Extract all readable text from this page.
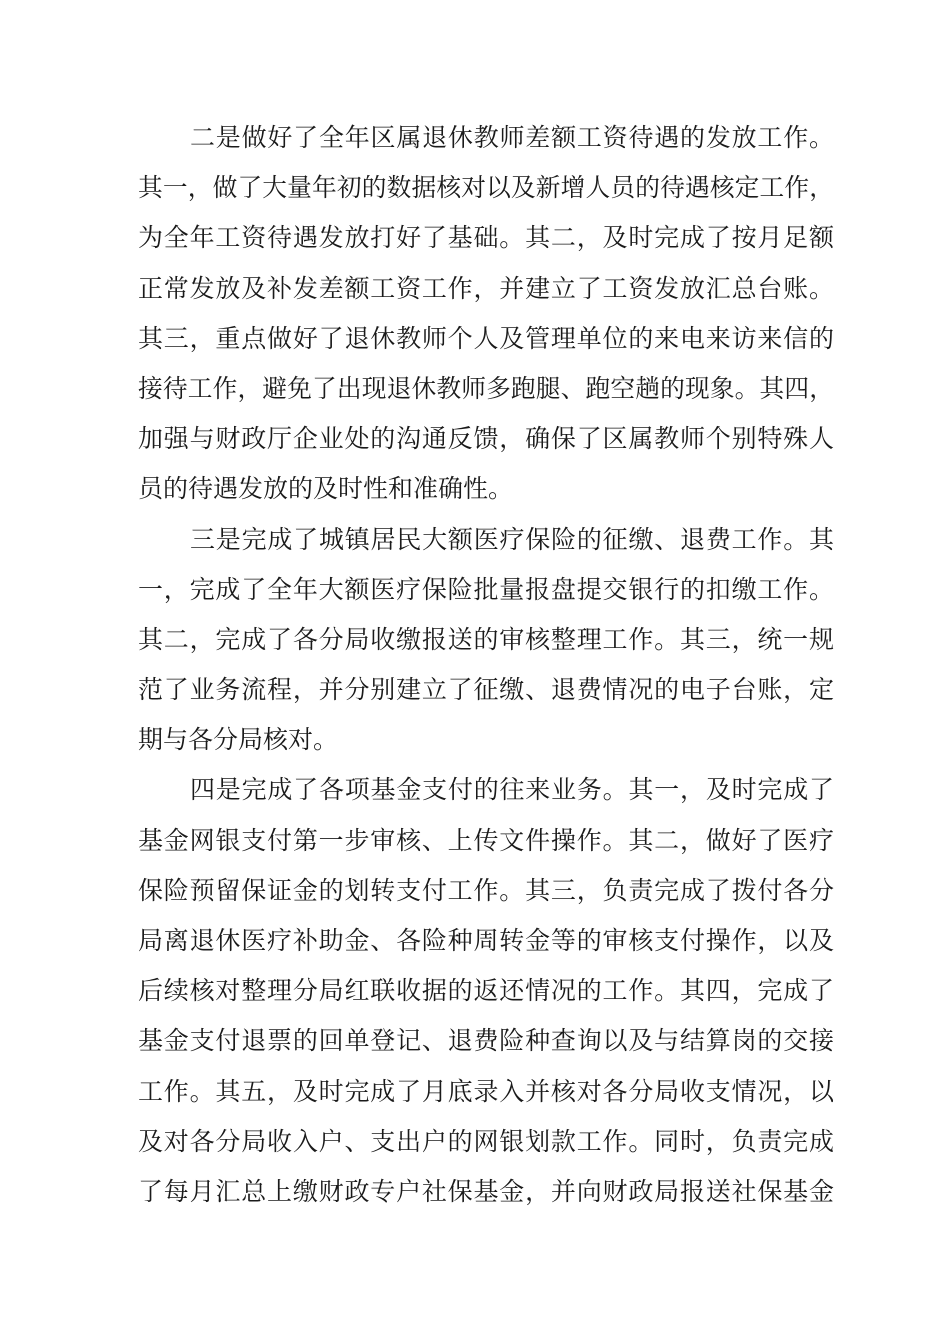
二是做好了全年区属退休教师差额工资待遇的发放工作。
其一，做了大量年初的数据核对以及新增人员的待遇核定工作，
为全年工资待遇发放打好了基础。其二，及时完成了按月足额
正常发放及补发差额工资工作，并建立了工资发放汇总台账。
其三，重点做好了退休教师个人及管理单位的来电来访来信的
接待工作，避免了出现退休教师多跑腿、跑空趟的现象。其四，
加强与财政厅企业处的沟通反馈，确保了区属教师个别特殊人
员的待遇发放的及时性和准确性。
三是完成了城镇居民大额医疗保险的征缴、退费工作。其
一，完成了全年大额医疗保险批量报盘提交银行的扣缴工作。
其二，完成了各分局收缴报送的审核整理工作。其三，统一规
范了业务流程，并分别建立了征缴、退费情况的电子台账，定
期与各分局核对。
四是完成了各项基金支付的往来业务。其一，及时完成了
基金网银支付第一步审核、上传文件操作。其二，做好了医疗
保险预留保证金的划转支付工作。其三，负责完成了拨付各分
局离退休医疗补助金、各险种周转金等的审核支付操作，以及
后续核对整理分局红联收据的返还情况的工作。其四，完成了
基金支付退票的回单登记、退费险种查询以及与结算岗的交接
工作。其五，及时完成了月底录入并核对各分局收支情况，以
及对各分局收入户、支出户的网银划款工作。同时，负责完成
了每月汇总上缴财政专户社保基金，并向财政局报送社保基金
